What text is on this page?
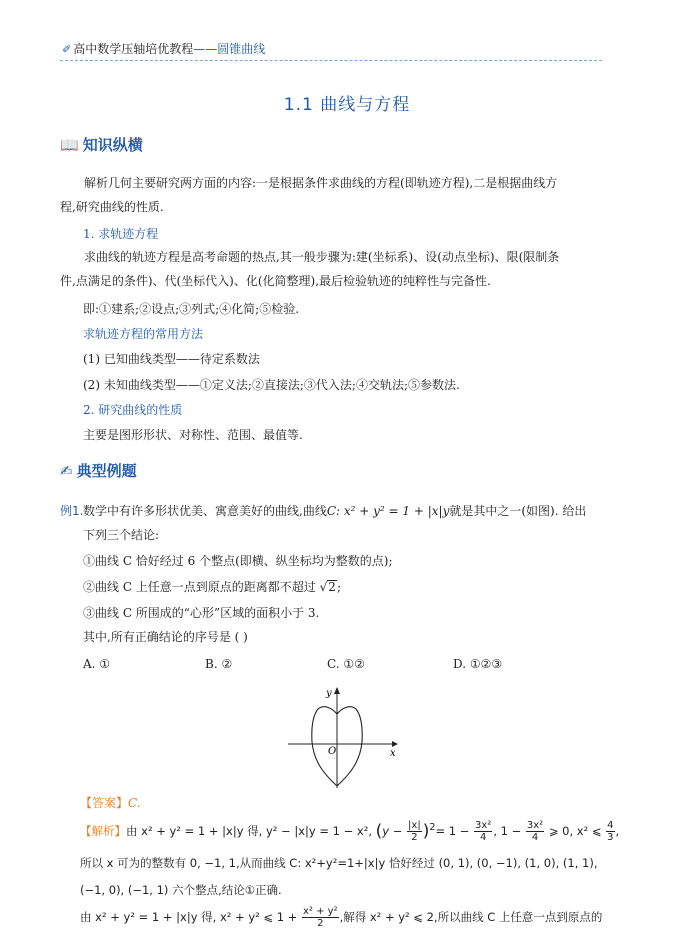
✐ 高中数学压轴培优教程——圆锥曲线
1.1 曲线与方程
📖 知识纵横
解析几何主要研究两方面的内容:一是根据条件求曲线的方程(即轨迹方程),二是根据曲线方
程,研究曲线的性质.
1. 求轨迹方程
求曲线的轨迹方程是高考命题的热点,其一般步骤为:建(坐标系)、设(动点坐标)、限(限制条
件,点满足的条件)、代(坐标代入)、化(化简整理),最后检验轨迹的纯粹性与完备性.
即:①建系;②设点;③列式;④化简;⑤检验.
求轨迹方程的常用方法
(1) 已知曲线类型——待定系数法
(2) 未知曲线类型——①定义法;②直接法;③代入法;④交轨法;⑤参数法.
2. 研究曲线的性质
主要是图形形状、对称性、范围、最值等.
✍ 典型例题
例1. 数学中有许多形状优美、寓意美好的曲线,曲线C: x² + y² = 1 + |x|y就是其中之一(如图). 给出
下列三个结论:
①曲线 C 恰好经过 6 个整点(即横、纵坐标均为整数的点);
②曲线 C 上任意一点到原点的距离都不超过 √2;
③曲线 C 所围成的“心形”区域的面积小于 3.
其中,所有正确结论的序号是 ( )
A. ①	B. ②	C. ①②	D. ①②③
O	x
y
【答案】C.
【解析】由 x² + y² = 1 + |x|y 得, y² − |x|y = 1 − x², $(y - \frac{|x|}{2} )^2= 1 - \frac{\text{3x²}}{4}$ , $1 - \frac{\text{3x²}}{4}$ ⩾ 0, x² ⩽ $\frac{4}{3}$ ,
所以 x 可为的整数有 0, −1, 1,从而曲线 C: x²+y²=1+|x|y 恰好经过 (0, 1), (0, −1), (1, 0), (1, 1),
(−1, 0), (−1, 1) 六个整点,结论①正确.
由 x² + y² = 1 + |x|y 得, x² + y² ⩽ $1 + \frac{\text{x² + y²}}{2}$ ,解得 x² + y² ⩽ 2,所以曲线 C 上任意一点到原点的
